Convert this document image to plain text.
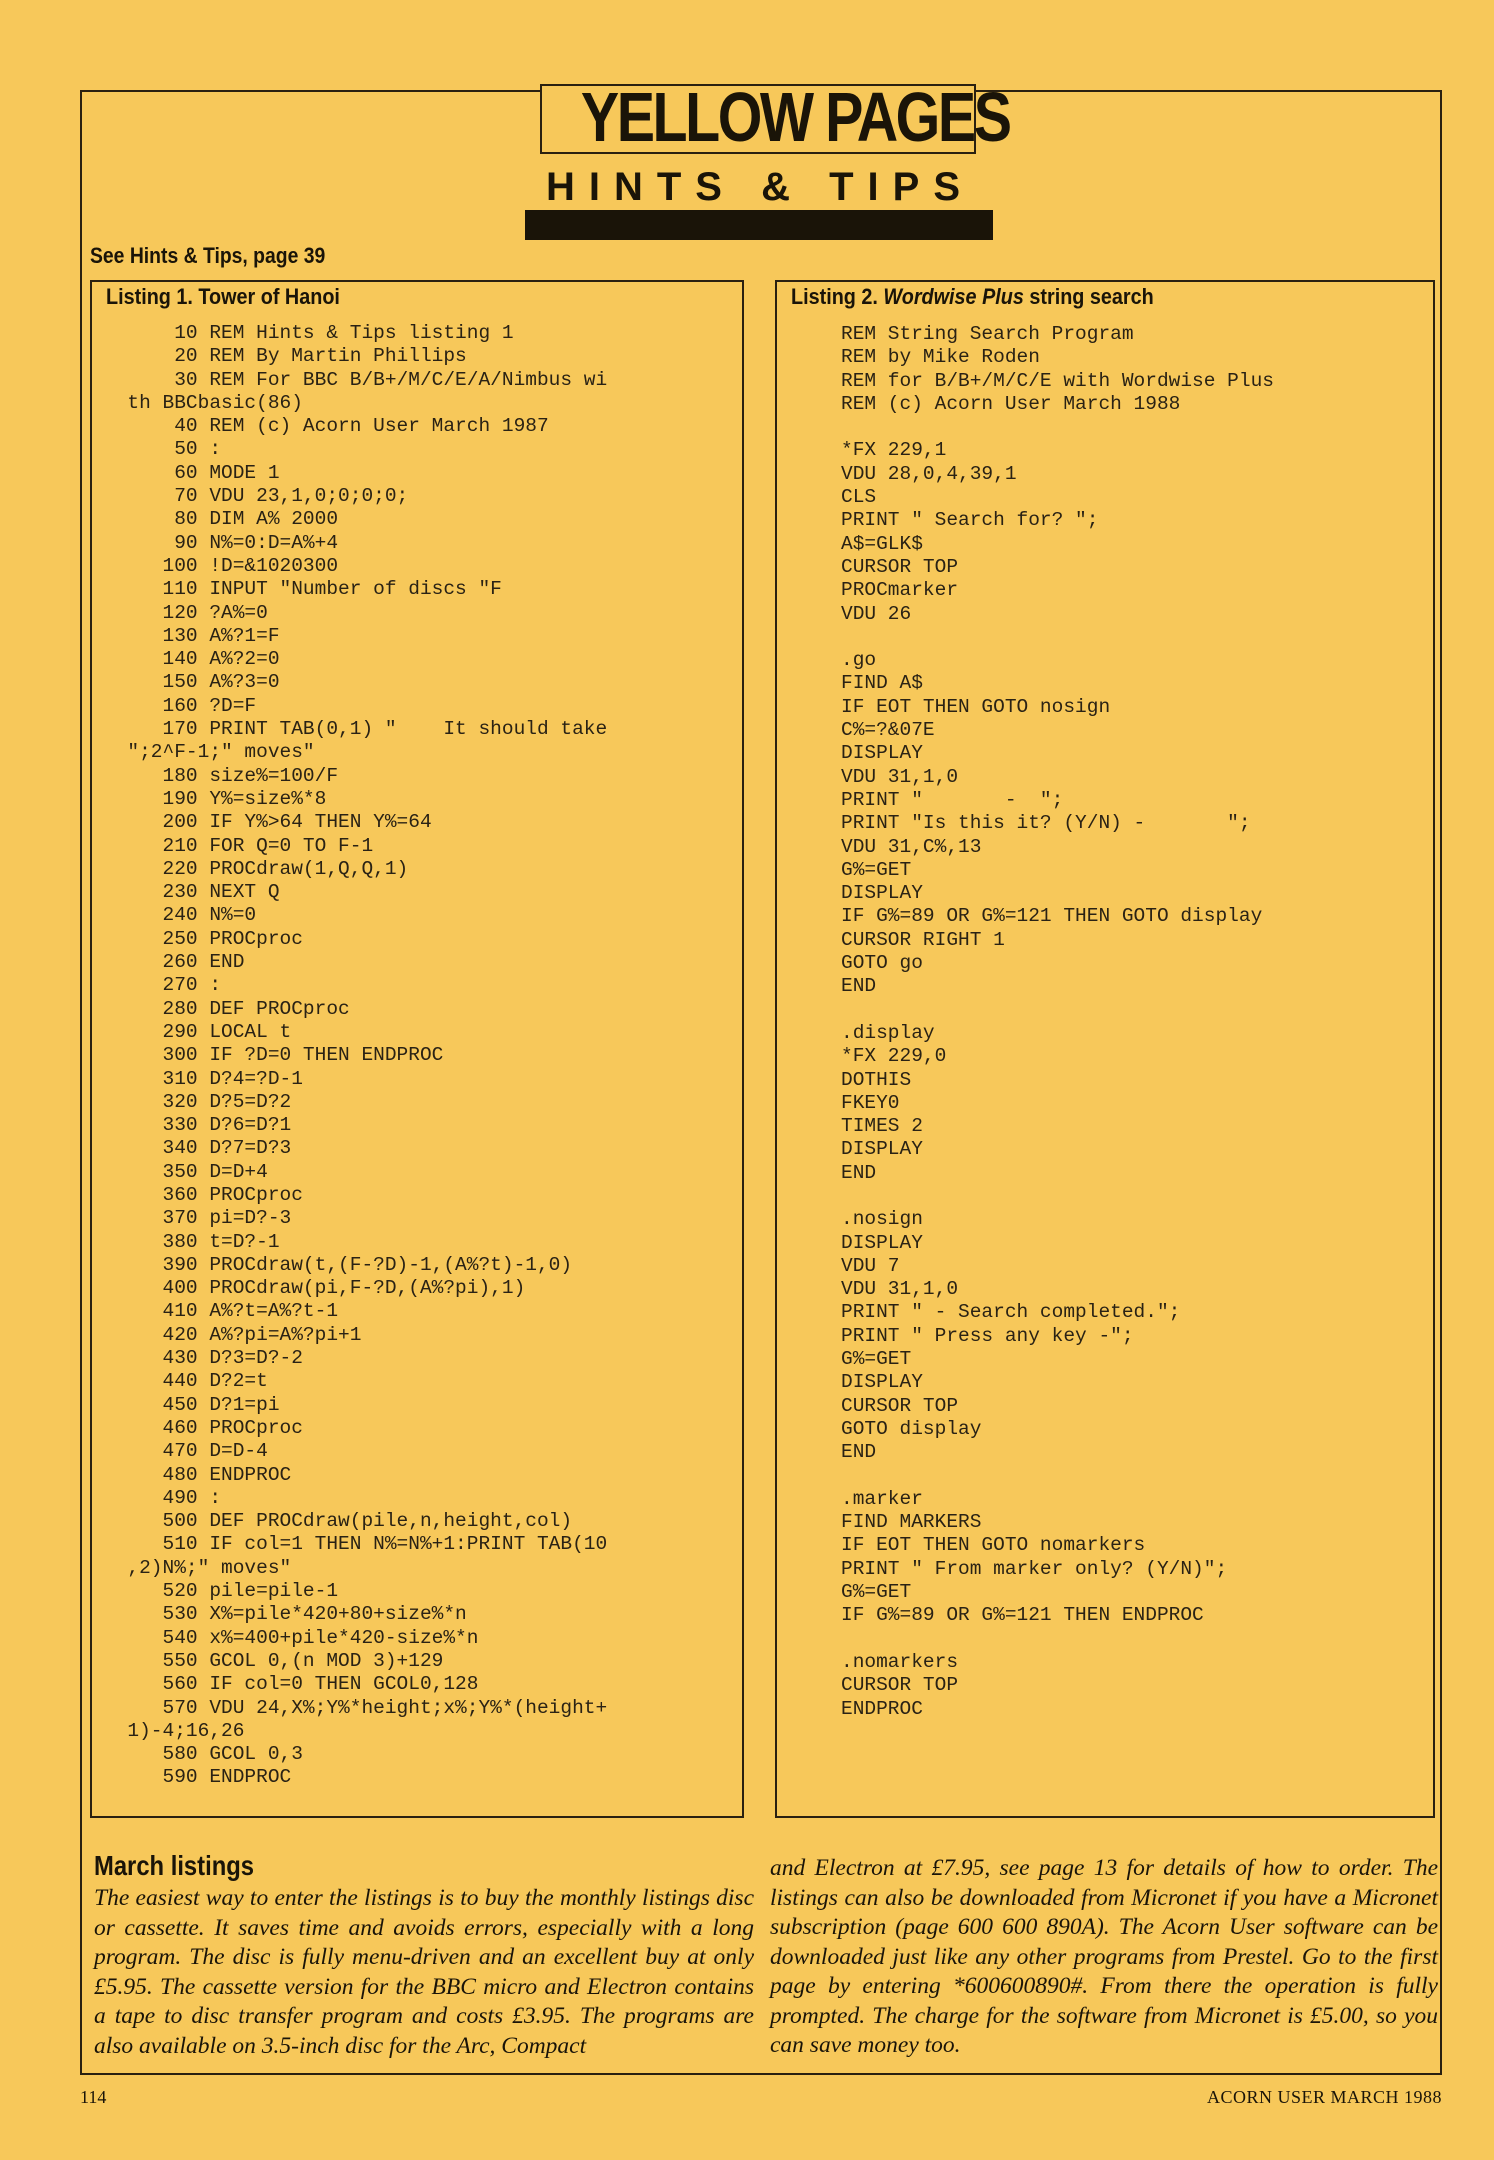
YELLOW PAGES
HINTS & TIPS
See Hints & Tips, page 39
Listing 1. Tower of Hanoi
10 REM Hints & Tips listing 1
20 REM By Martin Phillips
30 REM For BBC B/B+/M/C/E/A/Nimbus wi
th BBCbasic(86)
40 REM (c) Acorn User March 1987
50 :
60 MODE 1
70 VDU 23,1,0;0;0;0;
80 DIM A% 2000
90 N%=0:D=A%+4
100 !D=&1020300
110 INPUT "Number of discs "F
120 ?A%=0
130 A%?1=F
140 A%?2=0
150 A%?3=0
160 ?D=F
170 PRINT TAB(0,1) "    It should take
";2^F-1;" moves"
180 size%=100/F
190 Y%=size%*8
200 IF Y%>64 THEN Y%=64
210 FOR Q=0 TO F-1
220 PROCdraw(1,Q,Q,1)
230 NEXT Q
240 N%=0
250 PROCproc
260 END
270 :
280 DEF PROCproc
290 LOCAL t
300 IF ?D=0 THEN ENDPROC
310 D?4=?D-1
320 D?5=D?2
330 D?6=D?1
340 D?7=D?3
350 D=D+4
360 PROCproc
370 pi=D?-3
380 t=D?-1
390 PROCdraw(t,(F-?D)-1,(A%?t)-1,0)
400 PROCdraw(pi,F-?D,(A%?pi),1)
410 A%?t=A%?t-1
420 A%?pi=A%?pi+1
430 D?3=D?-2
440 D?2=t
450 D?1=pi
460 PROCproc
470 D=D-4
480 ENDPROC
490 :
500 DEF PROCdraw(pile,n,height,col)
510 IF col=1 THEN N%=N%+1:PRINT TAB(10
,2)N%;" moves"
520 pile=pile-1
530 X%=pile*420+80+size%*n
540 x%=400+pile*420-size%*n
550 GCOL 0,(n MOD 3)+129
560 IF col=0 THEN GCOL0,128
570 VDU 24,X%;Y%*height;x%;Y%*(height+
1)-4;16,26
580 GCOL 0,3
590 ENDPROC
Listing 2. Wordwise Plus string search
REM String Search Program
REM by Mike Roden
REM for B/B+/M/C/E with Wordwise Plus
REM (c) Acorn User March 1988

*FX 229,1
VDU 28,0,4,39,1
CLS
PRINT " Search for? ";
A$=GLK$
CURSOR TOP
PROCmarker
VDU 26

.go
FIND A$
IF EOT THEN GOTO nosign
C%=?&07E
DISPLAY
VDU 31,1,0
PRINT "       -  ";
PRINT "Is this it? (Y/N) -       ";
VDU 31,C%,13
G%=GET
DISPLAY
IF G%=89 OR G%=121 THEN GOTO display
CURSOR RIGHT 1
GOTO go
END

.display
*FX 229,0
DOTHIS
FKEY0
TIMES 2
DISPLAY
END

.nosign
DISPLAY
VDU 7
VDU 31,1,0
PRINT " - Search completed.";
PRINT " Press any key -";
G%=GET
DISPLAY
CURSOR TOP
GOTO display
END

.marker
FIND MARKERS
IF EOT THEN GOTO nomarkers
PRINT " From marker only? (Y/N)";
G%=GET
IF G%=89 OR G%=121 THEN ENDPROC

.nomarkers
CURSOR TOP
ENDPROC
March listings

The easiest way to enter the listings is to buy the monthly listings disc or cassette. It saves time and avoids errors, especially with a long program. The disc is fully menu-driven and an excellent buy at only £5.95. The cassette version for the BBC micro and Electron contains a tape to disc transfer program and costs £3.95. The programs are also available on 3.5-inch disc for the Arc, Compact

and Electron at £7.95, see page 13 for details of how to order. The listings can also be downloaded from Micronet if you have a Micronet subscription (page 600 600 890A). The Acorn User software can be downloaded just like any other programs from Prestel. Go to the first page by entering *600600890#. From there the operation is fully prompted. The charge for the software from Micronet is £5.00, so you can save money too.

114	ACORN USER MARCH 1988
